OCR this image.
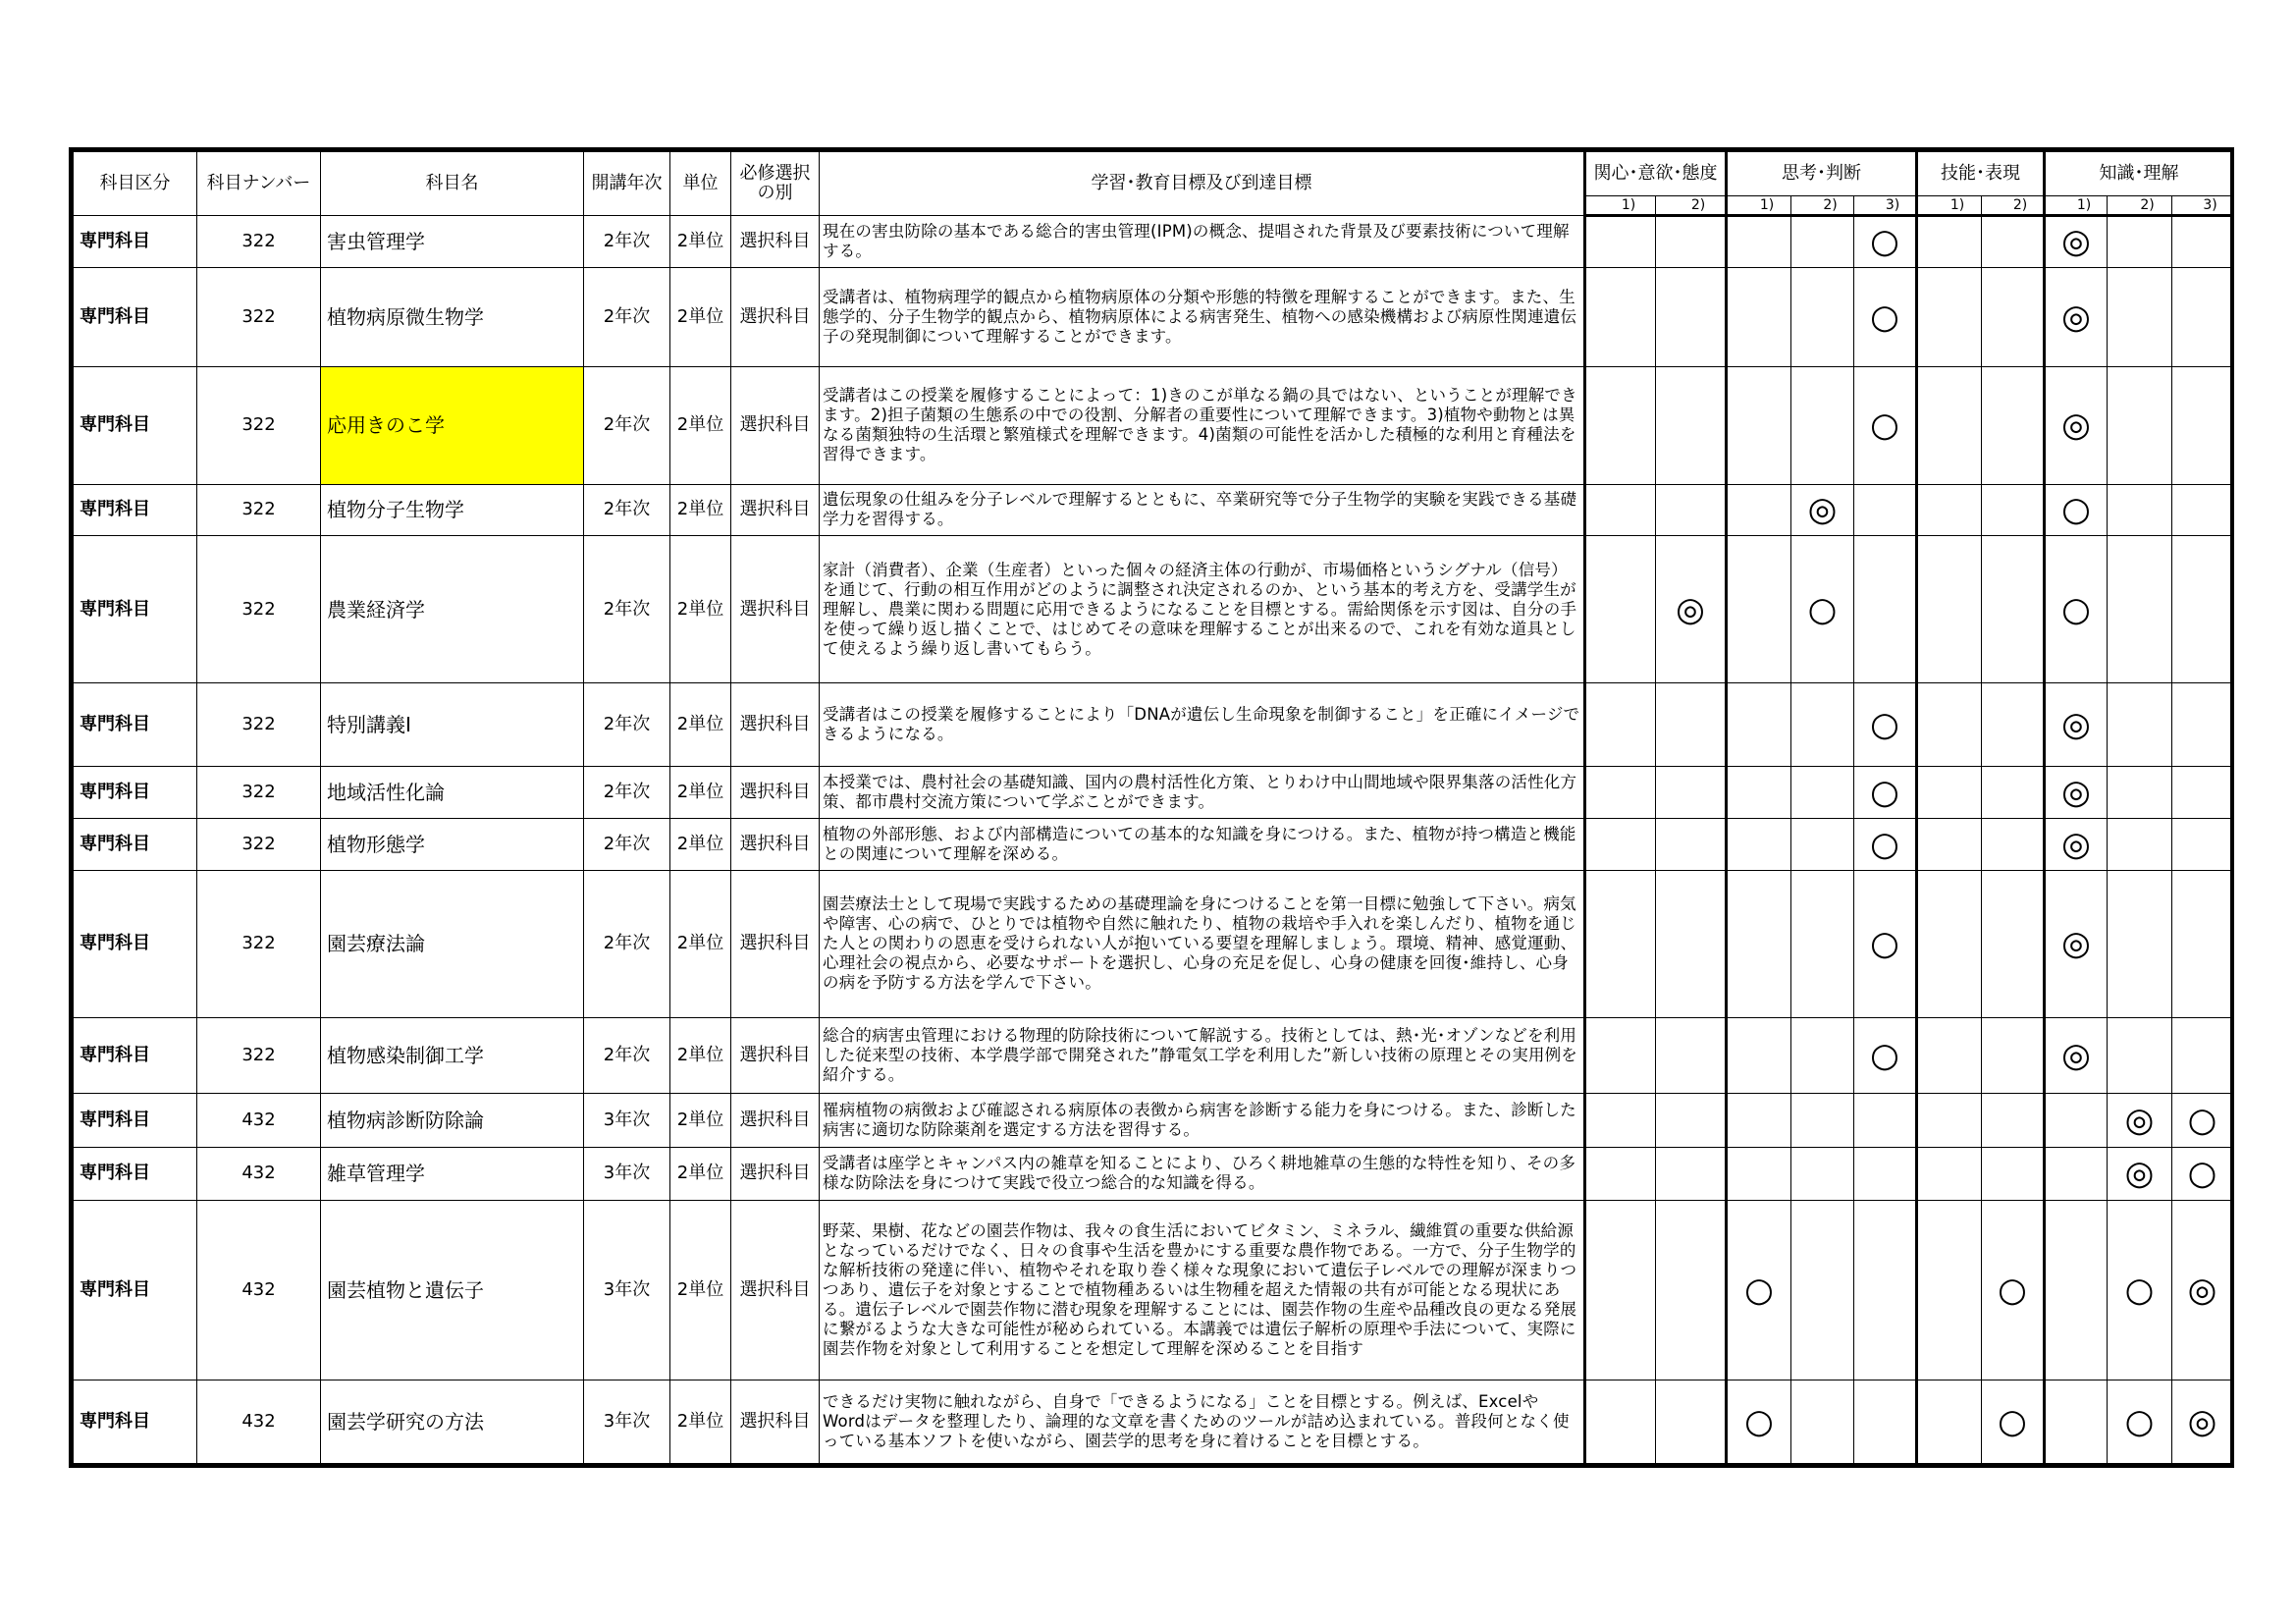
科目区分	科目ナンバー	科目名	開講年次	単位	必修選択の別	学習･教育目標及び到達目標	関心･意欲･態度		思考･判断			技能･表現		知識･理解		
							1)	2)	1)	2)	3)	1)	2)	1)	2)	3)
専門科目	322	害虫管理学	2年次	2単位	選択科目	現在の害虫防除の基本である総合的害虫管理(IPM)の概念、提唱された背景及び要素技術について理解する。					○			◎		
専門科目	322	植物病原微生物学	2年次	2単位	選択科目	受講者は、植物病理学的観点から植物病原体の分類や形態的特徴を理解することができます。また、生態学的、分子生物学的観点から、植物病原体による病害発生、植物への感染機構および病原性関連遺伝子の発現制御について理解することができます。					○			◎		
専門科目	322	応用きのこ学	2年次	2単位	選択科目	受講者はこの授業を履修することによって：1)きのこが単なる鍋の具ではない、ということが理解できます。2)担子菌類の生態系の中での役割、分解者の重要性について理解できます。3)植物や動物とは異なる菌類独特の生活環と繁殖様式を理解できます。4)菌類の可能性を活かした積極的な利用と育種法を習得できます。					○			◎		
専門科目	322	植物分子生物学	2年次	2単位	選択科目	遺伝現象の仕組みを分子レベルで理解するとともに、卒業研究等で分子生物学的実験を実践できる基礎学力を習得する。				◎				○		
専門科目	322	農業経済学	2年次	2単位	選択科目	家計（消費者）、企業（生産者）といった個々の経済主体の行動が、市場価格というシグナル（信号）を通じて、行動の相互作用がどのように調整され決定されるのか、という基本的考え方を、受講学生が理解し、農業に関わる問題に応用できるようになることを目標とする。需給関係を示す図は、自分の手を使って繰り返し描くことで、はじめてその意味を理解することが出来るので、これを有効な道具として使えるよう繰り返し書いてもらう。		◎		○				○		
専門科目	322	特別講義Ⅰ	2年次	2単位	選択科目	受講者はこの授業を履修することにより「DNAが遺伝し生命現象を制御すること」を正確にイメージできるようになる。					○			◎		
専門科目	322	地域活性化論	2年次	2単位	選択科目	本授業では、農村社会の基礎知識、国内の農村活性化方策、とりわけ中山間地域や限界集落の活性化方策、都市農村交流方策について学ぶことができます。					○			◎		
専門科目	322	植物形態学	2年次	2単位	選択科目	植物の外部形態、および内部構造についての基本的な知識を身につける。また、植物が持つ構造と機能との関連について理解を深める。					○			◎		
専門科目	322	園芸療法論	2年次	2単位	選択科目	園芸療法士として現場で実践するための基礎理論を身につけることを第一目標に勉強して下さい。病気や障害、心の病で、ひとりでは植物や自然に触れたり、植物の栽培や手入れを楽しんだり、植物を通じた人との関わりの恩恵を受けられない人が抱いている要望を理解しましょう。環境、精神、感覚運動、心理社会の視点から、必要なサポートを選択し、心身の充足を促し、心身の健康を回復･維持し、心身の病を予防する方法を学んで下さい。					○			◎		
専門科目	322	植物感染制御工学	2年次	2単位	選択科目	総合的病害虫管理における物理的防除技術について解説する。技術としては、熱･光･オゾンなどを利用した従来型の技術、本学農学部で開発された”静電気工学を利用した”新しい技術の原理とその実用例を紹介する。					○			◎		
専門科目	432	植物病診断防除論	3年次	2単位	選択科目	罹病植物の病徴および確認される病原体の表徴から病害を診断する能力を身につける。また、診断した病害に適切な防除薬剤を選定する方法を習得する。									◎	○
専門科目	432	雑草管理学	3年次	2単位	選択科目	受講者は座学とキャンパス内の雑草を知ることにより、ひろく耕地雑草の生態的な特性を知り、その多様な防除法を身につけて実践で役立つ総合的な知識を得る。									◎	○
専門科目	432	園芸植物と遺伝子	3年次	2単位	選択科目	野菜、果樹、花などの園芸作物は、我々の食生活においてビタミン、ミネラル、繊維質の重要な供給源となっているだけでなく、日々の食事や生活を豊かにする重要な農作物である。一方で、分子生物学的な解析技術の発達に伴い、植物やそれを取り巻く様々な現象において遺伝子レベルでの理解が深まりつつあり、遺伝子を対象とすることで植物種あるいは生物種を超えた情報の共有が可能となる現状にある。遺伝子レベルで園芸作物に潜む現象を理解することには、園芸作物の生産や品種改良の更なる発展に繋がるような大きな可能性が秘められている。本講義では遺伝子解析の原理や手法について、実際に園芸作物を対象として利用することを想定して理解を深めることを目指す			○				○		○	◎
専門科目	432	園芸学研究の方法	3年次	2単位	選択科目	できるだけ実物に触れながら、自身で「できるようになる」ことを目標とする。例えば、ExcelやWordはデータを整理したり、論理的な文章を書くためのツールが詰め込まれている。普段何となく使っている基本ソフトを使いながら、園芸学的思考を身に着けることを目標とする。			○				○		○	◎
